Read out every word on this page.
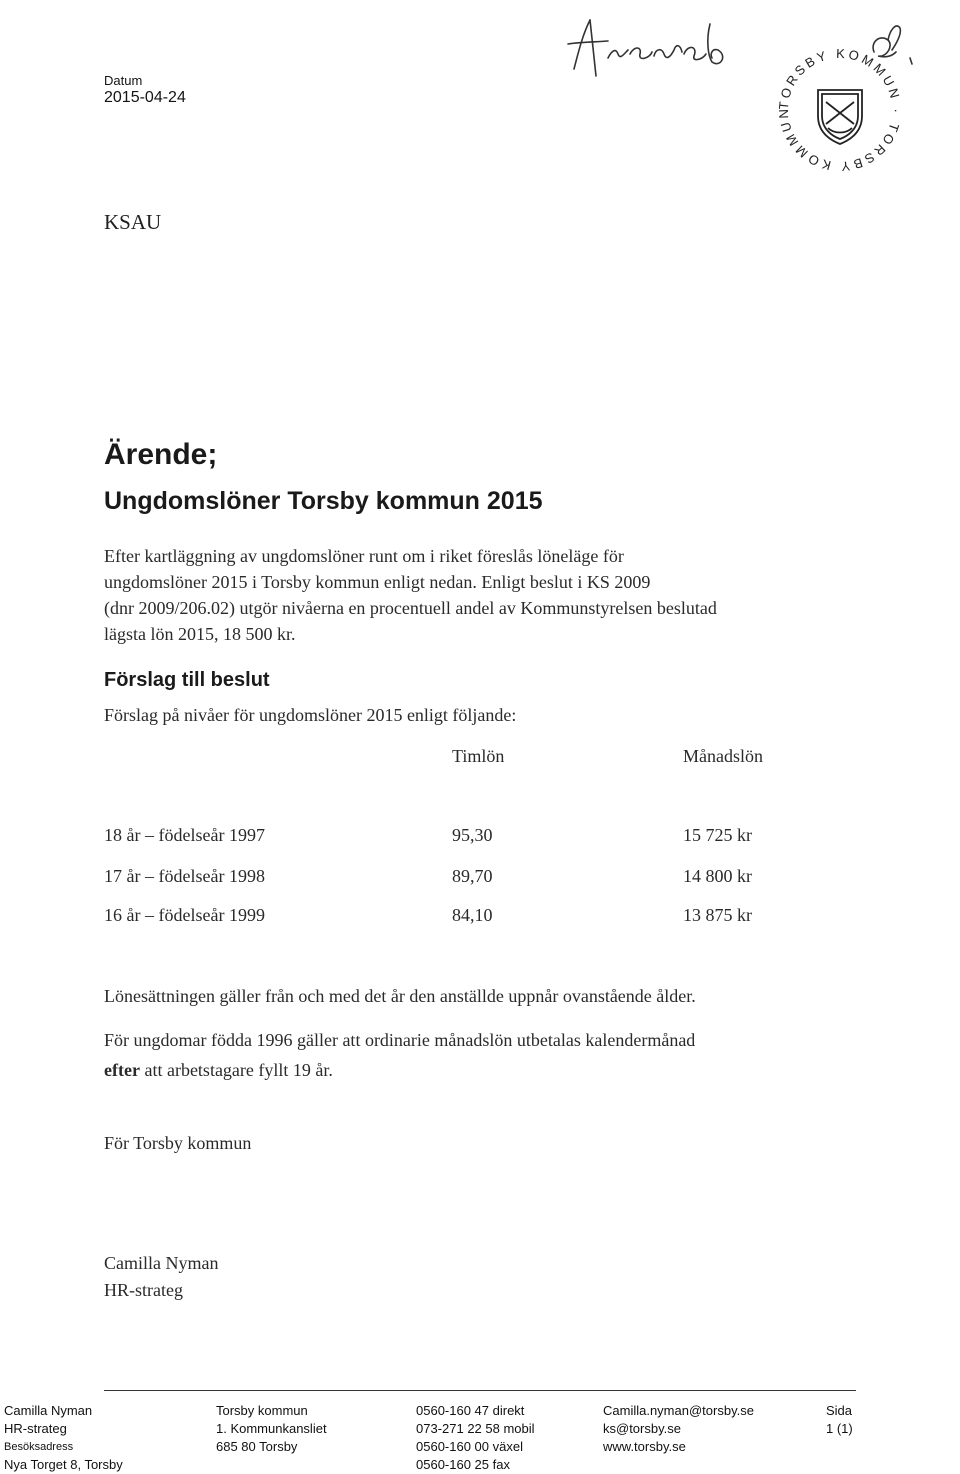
Datum
2015-04-24	TORSBY KOMMUN · TORSBY KOMMUN
KSAU
Ärende;
Ungdomslöner Torsby kommun 2015
Efter kartläggning av ungdomslöner runt om i riket föreslås löneläge för
ungdomslöner 2015 i Torsby kommun enligt nedan. Enligt beslut i KS 2009
(dnr 2009/206.02) utgör nivåerna en procentuell andel av Kommunstyrelsen beslutad
lägsta lön 2015, 18 500 kr.
Förslag till beslut
Förslag på nivåer för ungdomslöner 2015 enligt följande:
Timlön	Månadslön
18 år – födelseår 1997	95,30	15 725 kr
17 år – födelseår 1998	89,70	14 800 kr
16 år – födelseår 1999	84,10	13 875 kr
Lönesättningen gäller från och med det år den anställde uppnår ovanstående ålder.
För ungdomar födda 1996 gäller att ordinarie månadslön utbetalas kalendermånad
efter att arbetstagare fyllt 19 år.
För Torsby kommun
Camilla Nyman
HR-strateg
Camilla Nyman
HR-strateg
Besöksadress
Nya Torget 8, Torsby
Torsby kommun
1. Kommunkansliet
685 80 Torsby
0560-160 47 direkt
073-271 22 58 mobil
0560-160 00 växel
0560-160 25 fax
Camilla.nyman@torsby.se
ks@torsby.se
www.torsby.se
Sida
1 (1)
